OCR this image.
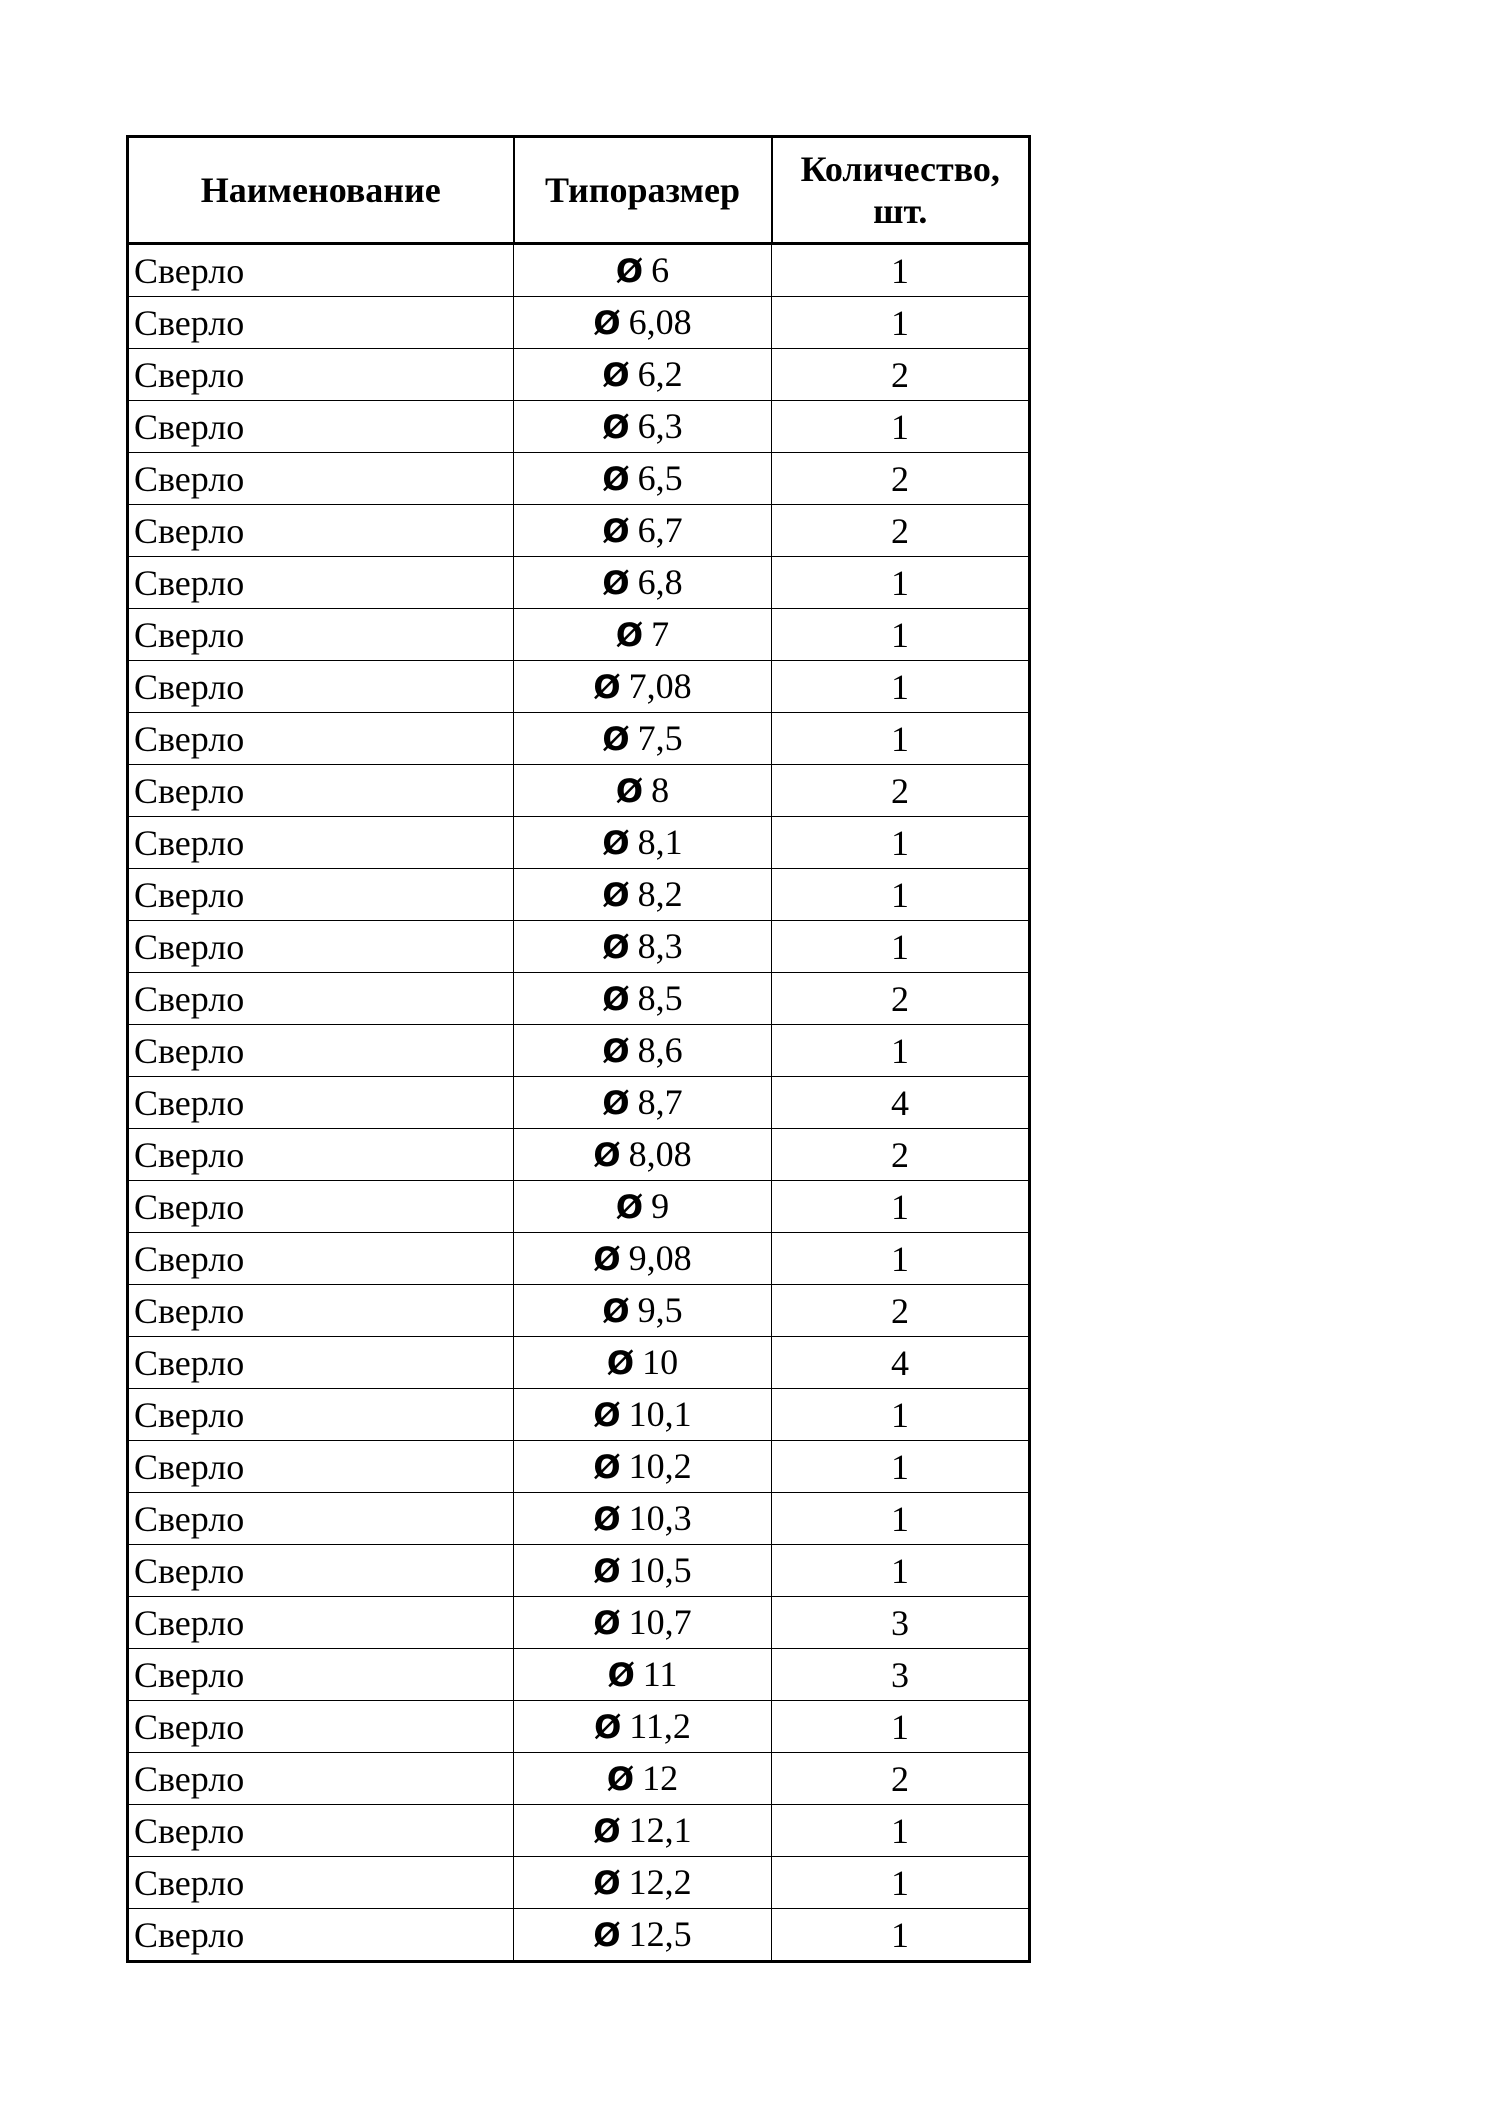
Наименование	Типоразмер	Количество,
шт.
Сверло	Ø 6	1
Сверло	Ø 6,08	1
Сверло	Ø 6,2	2
Сверло	Ø 6,3	1
Сверло	Ø 6,5	2
Сверло	Ø 6,7	2
Сверло	Ø 6,8	1
Сверло	Ø 7	1
Сверло	Ø 7,08	1
Сверло	Ø 7,5	1
Сверло	Ø 8	2
Сверло	Ø 8,1	1
Сверло	Ø 8,2	1
Сверло	Ø 8,3	1
Сверло	Ø 8,5	2
Сверло	Ø 8,6	1
Сверло	Ø 8,7	4
Сверло	Ø 8,08	2
Сверло	Ø 9	1
Сверло	Ø 9,08	1
Сверло	Ø 9,5	2
Сверло	Ø 10	4
Сверло	Ø 10,1	1
Сверло	Ø 10,2	1
Сверло	Ø 10,3	1
Сверло	Ø 10,5	1
Сверло	Ø 10,7	3
Сверло	Ø 11	3
Сверло	Ø 11,2	1
Сверло	Ø 12	2
Сверло	Ø 12,1	1
Сверло	Ø 12,2	1
Сверло	Ø 12,5	1
